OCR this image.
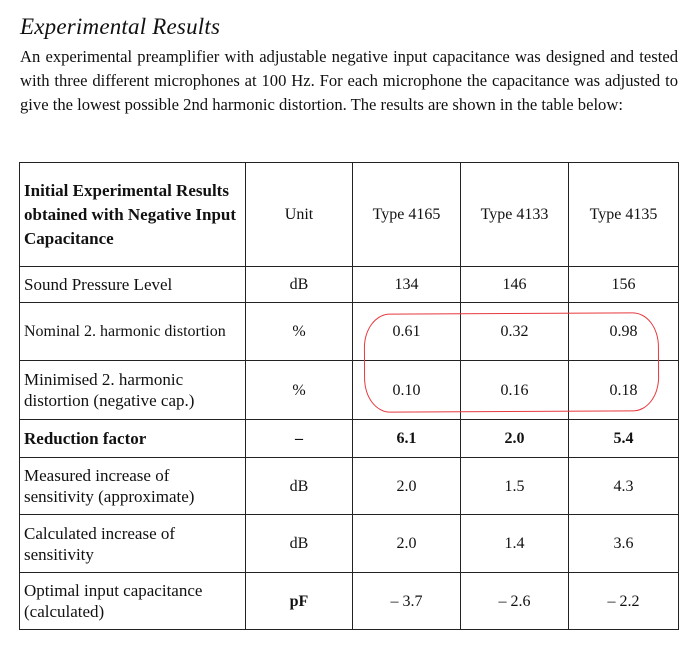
Experimental Results

An experimental preamplifier with adjustable negative input capacitance was designed and tested with three different microphones at 100 Hz. For each microphone the capacitance was adjusted to give the lowest possible 2nd harmonic distortion. The results are shown in the table below:

Initial Experimental Results obtained with Negative Input Capacitance	Unit	Type 4165	Type 4133	Type 4135
Sound Pressure Level	dB	134	146	156
Nominal 2. harmonic distortion	%	0.61	0.32	0.98
Minimised 2. harmonic distortion (negative cap.)	%	0.10	0.16	0.18
Reduction factor	–	6.1	2.0	5.4
Measured increase of sensitivity (approximate)	dB	2.0	1.5	4.3
Calculated increase of sensitivity	dB	2.0	1.4	3.6
Optimal input capacitance (calculated)	pF	– 3.7	– 2.6	– 2.2
